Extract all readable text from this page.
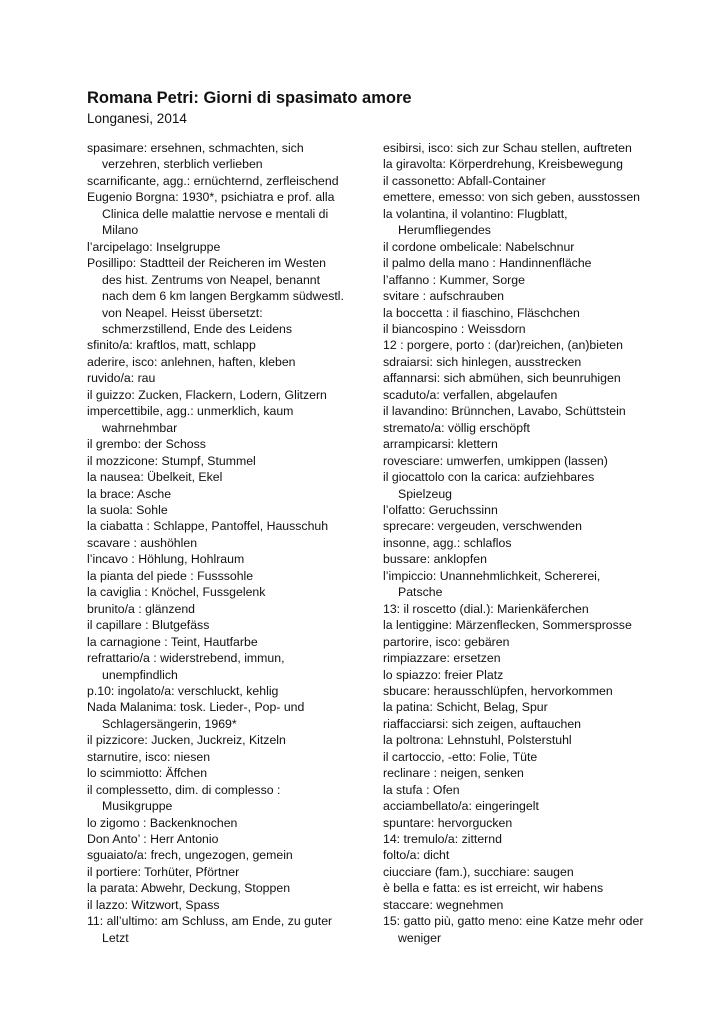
Romana Petri: Giorni di spasimato amore
Longanesi, 2014
spasimare: ersehnen, schmachten, sich verzehren, sterblich verlieben
scarnificante, agg.: ernüchternd, zerfleischend
Eugenio Borgna: 1930*, psichiatra e prof. alla Clinica delle malattie nervose e mentali di Milano
l’arcipelago: Inselgruppe
Posillipo: Stadtteil der Reicheren im Westen des hist. Zentrums von Neapel, benannt nach dem 6 km langen Bergkamm südwestl. von Neapel. Heisst übersetzt: schmerzstillend, Ende des Leidens
sfinito/a: kraftlos, matt, schlapp
aderire, isco: anlehnen, haften, kleben
ruvido/a: rau
il guizzo: Zucken, Flackern, Lodern, Glitzern
impercettibile, agg.: unmerklich, kaum wahrnehmbar
il grembo: der Schoss
il mozzicone: Stumpf, Stummel
la nausea: Übelkeit, Ekel
la brace: Asche
la suola: Sohle
la ciabatta : Schlappe, Pantoffel, Hausschuh
scavare : aushöhlen
l’incavo : Höhlung, Hohlraum
la pianta del piede : Fusssohle
la caviglia : Knöchel, Fussgelenk
brunito/a : glänzend
il capillare : Blutgefäss
la carnagione : Teint, Hautfarbe
refrattario/a : widerstrebend, immun, unempfindlich
p.10: ingolato/a: verschluckt, kehlig
Nada Malanima: tosk. Lieder-, Pop- und Schlagersängerin, 1969*
il pizzicore: Jucken, Juckreiz, Kitzeln
starnutire, isco: niesen
lo scimmiotto: Äffchen
il complessetto, dim. di complesso : Musikgruppe
lo zigomo : Backenknochen
Don Anto’ : Herr Antonio
sguaiato/a: frech, ungezogen, gemein
il portiere: Torhüter, Pförtner
la parata: Abwehr, Deckung, Stoppen
il lazzo: Witzwort, Spass
11: all’ultimo: am Schluss, am Ende, zu guter Letzt
esibirsi, isco: sich zur Schau stellen, auftreten
la giravolta: Körperdrehung, Kreisbewegung
il cassonetto: Abfall-Container
emettere, emesso: von sich geben, ausstossen
la volantina, il volantino: Flugblatt, Herumfliegendes
il cordone ombelicale: Nabelschnur
il palmo della mano : Handinnenfläche
l’affanno : Kummer, Sorge
svitare : aufschrauben
la boccetta : il fiaschino, Fläschchen
il biancospino : Weissdorn
12 : porgere, porto : (dar)reichen, (an)bieten
sdraiarsi: sich hinlegen, ausstrecken
affannarsi: sich abmühen, sich beunruhigen
scaduto/a: verfallen, abgelaufen
il lavandino: Brünnchen, Lavabo, Schüttstein
stremato/a: völlig erschöpft
arrampicarsi: klettern
rovesciare: umwerfen, umkippen (lassen)
il giocattolo con la carica: aufziehbares Spielzeug
l’olfatto: Geruchssinn
sprecare: vergeuden, verschwenden
insonne, agg.: schlaflos
bussare: anklopfen
l’impiccio: Unannehmlichkeit, Schererei, Patsche
13: il roscetto (dial.): Marienkäferchen
la lentiggine: Märzenflecken, Sommersprosse
partorire, isco: gebären
rimpiazzare: ersetzen
lo spiazzo: freier Platz
sbucare: herausschlüpfen, hervorkommen
la patina: Schicht, Belag, Spur
riaffacciarsi: sich zeigen, auftauchen
la poltrona: Lehnstuhl, Polsterstuhl
il cartoccio, -etto: Folie, Tüte
reclinare : neigen, senken
la stufa : Ofen
acciambellato/a: eingeringelt
spuntare: hervorgucken
14: tremulo/a: zitternd
folto/a: dicht
ciucciare (fam.), succhiare: saugen
è bella e fatta: es ist erreicht, wir habens
staccare: wegnehmen
15: gatto più, gatto meno: eine Katze mehr oder weniger
